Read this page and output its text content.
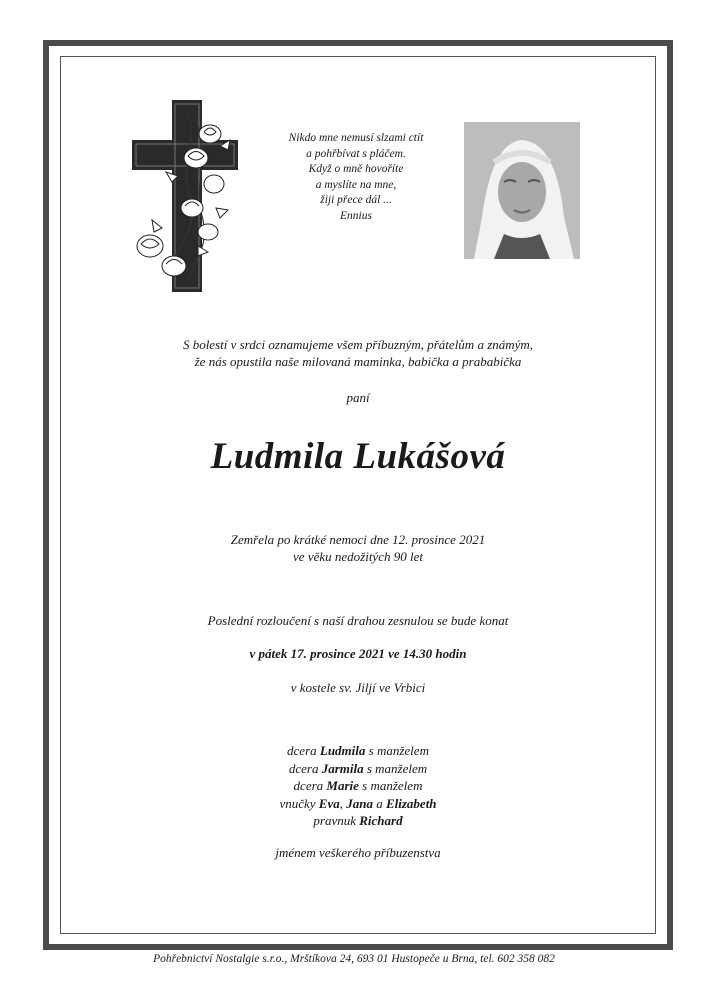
Nikdo mne nemusí slzami ctít
a pohřbívat s pláčem.
Když o mně hovoříte
a myslíte na mne,
žiji přece dál ...
Ennius
S bolestí v srdci oznamujeme všem příbuzným, přátelům a známým,
že nás opustila naše milovaná maminka, babička a prababička
paní
Ludmila Lukášová
Zemřela po krátké nemoci dne 12. prosince 2021
ve věku nedožitých 90 let
Poslední rozloučení s naší drahou zesnulou se bude konat
v pátek 17. prosince 2021 ve 14.30 hodin
v kostele sv. Jiljí ve Vrbici
dcera Ludmila s manželem
dcera Jarmila s manželem
dcera Marie s manželem
vnučky Eva, Jana a Elizabeth
pravnuk Richard
jménem veškerého příbuzenstva
Pohřebnictví Nostalgie s.r.o., Mrštíkova 24, 693 01 Hustopeče u Brna, tel. 602 358 082
